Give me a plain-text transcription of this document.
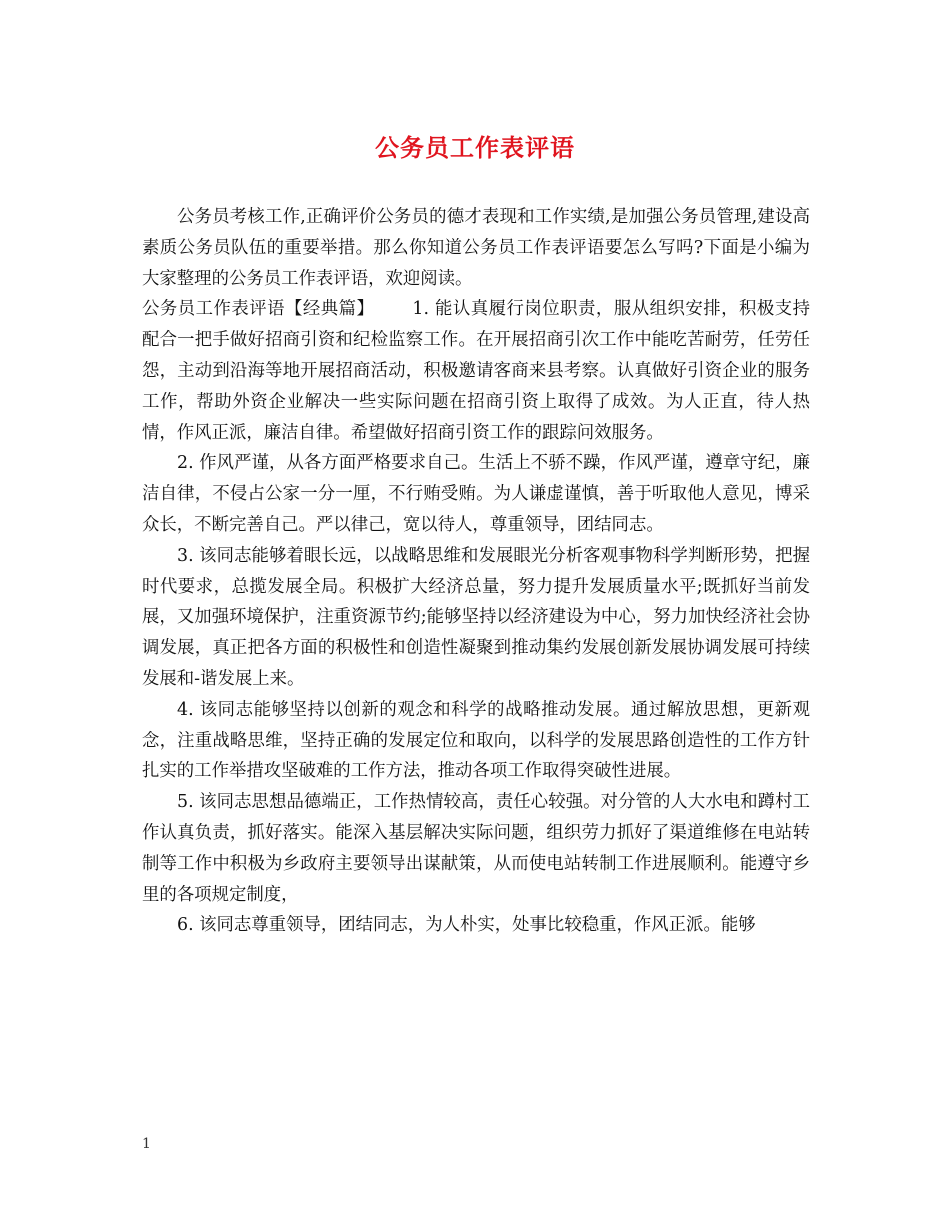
公务员工作表评语

公务员考核工作,正确评价公务员的德才表现和工作实绩,是加强公务员管理,建设高素质公务员队伍的重要举措。那么你知道公务员工作表评语要怎么写吗?下面是小编为大家整理的公务员工作表评语，欢迎阅读。

公务员工作表评语【经典篇】 1. 能认真履行岗位职责，服从组织安排，积极支持配合一把手做好招商引资和纪检监察工作。在开展招商引次工作中能吃苦耐劳，任劳任怨，主动到沿海等地开展招商活动，积极邀请客商来县考察。认真做好引资企业的服务工作，帮助外资企业解决一些实际问题在招商引资上取得了成效。为人正直，待人热情，作风正派，廉洁自律。希望做好招商引资工作的跟踪问效服务。

2. 作风严谨，从各方面严格要求自己。生活上不骄不躁，作风严谨，遵章守纪，廉洁自律，不侵占公家一分一厘，不行贿受贿。为人谦虚谨慎，善于听取他人意见，博采众长，不断完善自己。严以律己，宽以待人，尊重领导，团结同志。

3. 该同志能够着眼长远，以战略思维和发展眼光分析客观事物科学判断形势，把握时代要求，总揽发展全局。积极扩大经济总量，努力提升发展质量水平;既抓好当前发展，又加强环境保护，注重资源节约;能够坚持以经济建设为中心，努力加快经济社会协调发展，真正把各方面的积极性和创造性凝聚到推动集约发展创新发展协调发展可持续发展和-谐发展上来。

4. 该同志能够坚持以创新的观念和科学的战略推动发展。通过解放思想，更新观念，注重战略思维，坚持正确的发展定位和取向，以科学的发展思路创造性的工作方针扎实的工作举措攻坚破难的工作方法，推动各项工作取得突破性进展。

5. 该同志思想品德端正，工作热情较高，责任心较强。对分管的人大水电和蹲村工作认真负责，抓好落实。能深入基层解决实际问题，组织劳力抓好了渠道维修在电站转制等工作中积极为乡政府主要领导出谋献策，从而使电站转制工作进展顺利。能遵守乡里的各项规定制度，

6. 该同志尊重领导，团结同志，为人朴实，处事比较稳重，作风正派。能够

1
